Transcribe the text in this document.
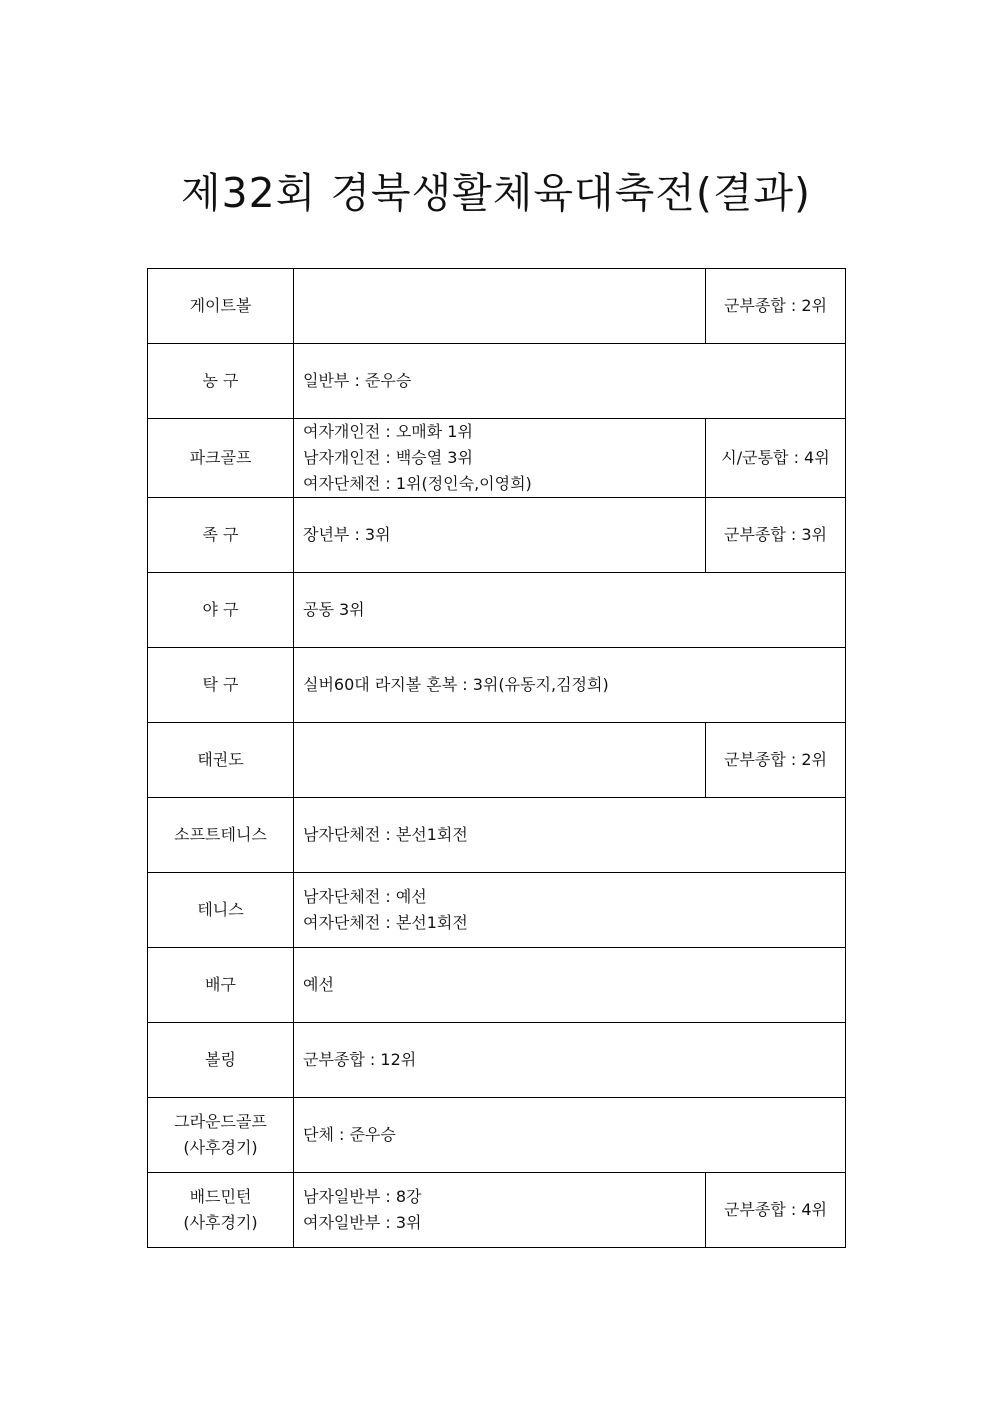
제32회 경북생활체육대축전(결과)
게이트볼		군부종합 : 2위

농 구	일반부 : 준우승	

파크골프	여자개인전 : 오매화 1위
남자개인전 : 백승열 3위
여자단체전 : 1위(정인숙,이영희)	시/군통합 : 4위

족 구	장년부 : 3위	군부종합 : 3위

야 구	공동 3위	

탁 구	실버60대 라지볼 혼복 : 3위(유동지,김정희)	

태권도		군부종합 : 2위

소프트테니스	남자단체전 : 본선1회전	

테니스	남자단체전 : 예선
여자단체전 : 본선1회전	

배구	예선	

볼링	군부종합 : 12위	

그라운드골프
(사후경기)	단체 : 준우승	

배드민턴
(사후경기)	남자일반부 : 8강
여자일반부 : 3위	군부종합 : 4위
